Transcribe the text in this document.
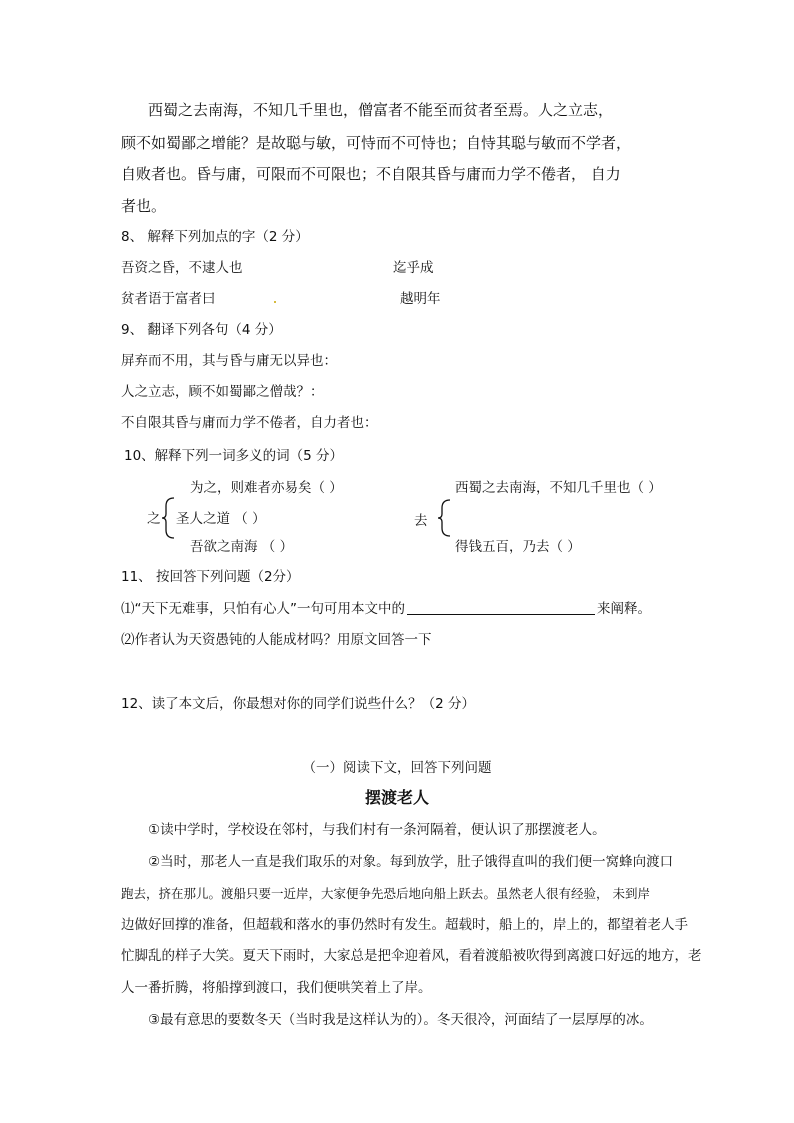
西蜀之去南海，不知几千里也，僧富者不能至而贫者至焉。人之立志，
顾不如蜀鄙之增能？是故聪与敏，可恃而不可恃也；自恃其聪与敏而不学者，
自败者也。昏与庸，可限而不可限也；不自限其昏与庸而力学不倦者， 自力
者也。
8、 解释下列加点的字（2 分）
吾资之昏，不逮人也	迄乎成
贫者语于富者曰	越明年
9、 翻译下列各句（4 分）
屏弃而不用，其与昏与庸无以异也：
人之立志，顾不如蜀鄙之僧哉？：
不自限其昏与庸而力学不倦者，自力者也：
10、解释下列一词多义的词（5 分）
为之，则难者亦易矣（ ）
之 圣人之道 （ ）
吾欲之南海 （ ）
西蜀之去南海，不知几千里也（ ）
去
得钱五百，乃去（ ）
11、 按回答下列问题（2分）
⑴“天下无难事，只怕有心人”一句可用本文中的	来阐释。
⑵作者认为天资愚钝的人能成材吗？用原文回答一下
12、读了本文后，你最想对你的同学们说些什么？（2 分）
（一）阅读下文，回答下列问题
摆渡老人
①读中学时，学校设在邻村，与我们村有一条河隔着，便认识了那摆渡老人。
②当时，那老人一直是我们取乐的对象。每到放学，肚子饿得直叫的我们便一窝蜂向渡口
跑去，挤在那儿。渡船只要一近岸，大家便争先恐后地向船上跃去。虽然老人很有经验， 未到岸
边做好回撑的准备，但超载和落水的事仍然时有发生。超载时，船上的，岸上的，都望着老人手
忙脚乱的样子大笑。夏天下雨时，大家总是把伞迎着风，看着渡船被吹得到离渡口好远的地方，老
人一番折腾，将船撑到渡口，我们便哄笑着上了岸。
③最有意思的要数冬天（当时我是这样认为的）。冬天很冷，河面结了一层厚厚的冰。
